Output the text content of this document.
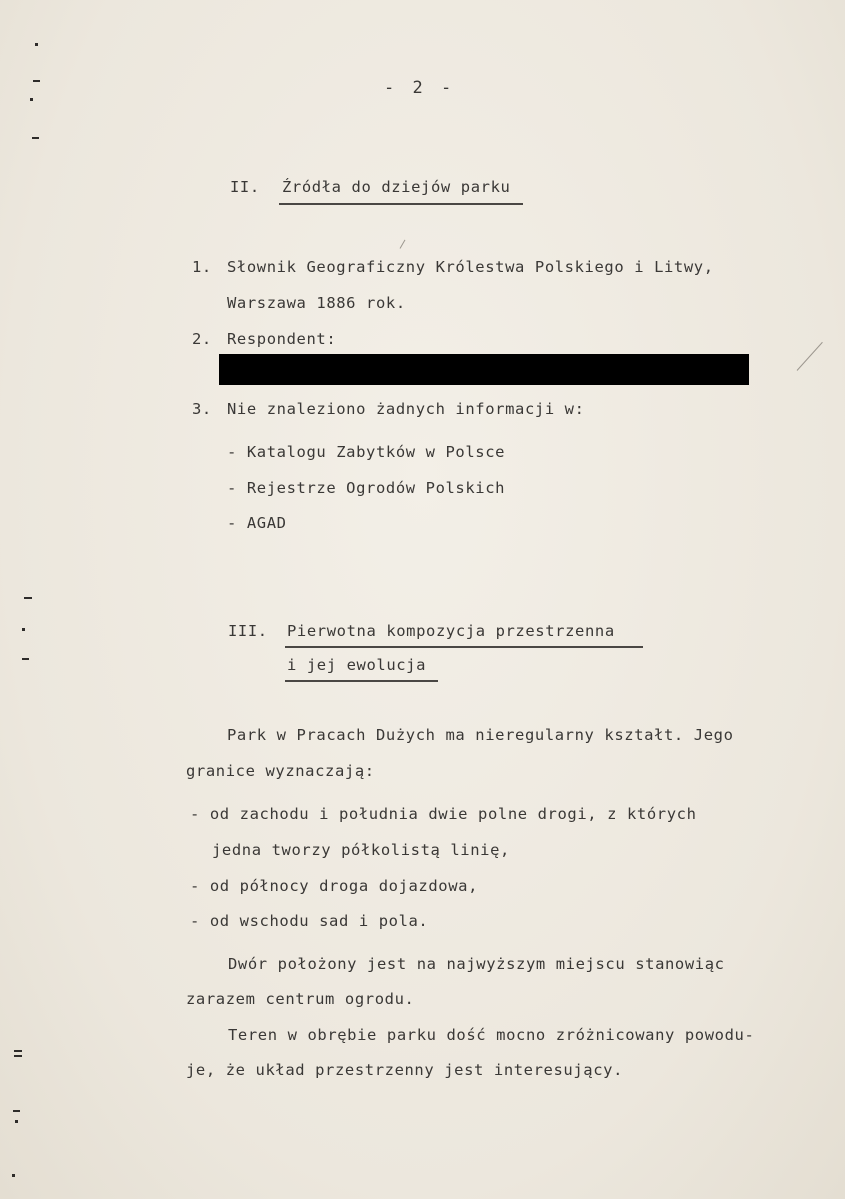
- 2 -
II. Źródła do dziejów parku
1. Słownik Geograficzny Królestwa Polskiego i Litwy,
Warszawa 1886 rok.
2. Respondent:
3. Nie znaleziono żadnych informacji w:
- Katalogu Zabytków w Polsce
- Rejestrze Ogrodów Polskich
- AGAD
III. Pierwotna kompozycja przestrzenna
i jej ewolucja
Park w Pracach Dużych ma nieregularny kształt. Jego
granice wyznaczają:
- od zachodu i południa dwie polne drogi, z których
jedna tworzy półkolistą linię,
- od północy droga dojazdowa,
- od wschodu sad i pola.
Dwór położony jest na najwyższym miejscu stanowiąc
zarazem centrum ogrodu.
Teren w obrębie parku dość mocno zróżnicowany powodu-
je, że układ przestrzenny jest interesujący.
